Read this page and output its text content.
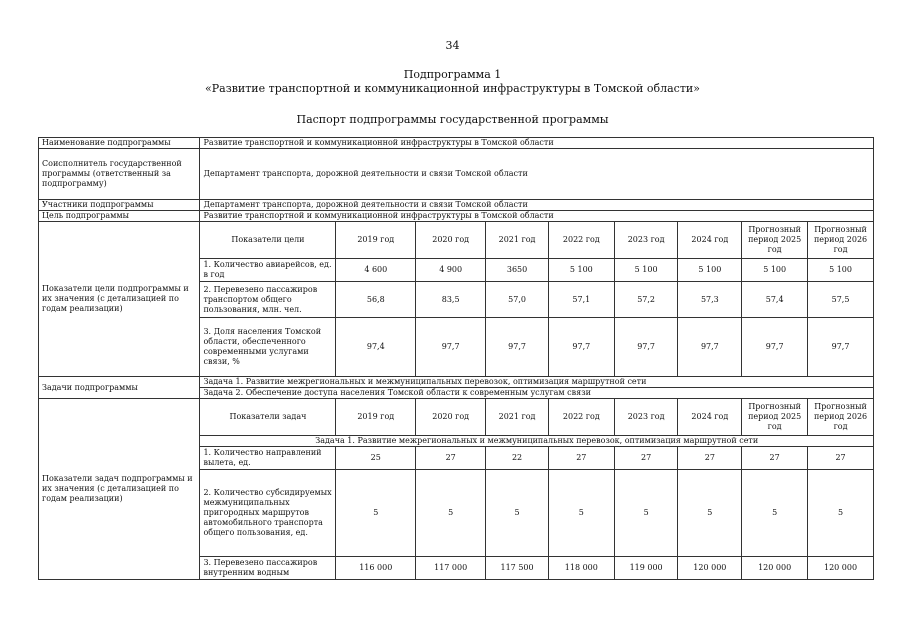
34
Подпрограмма 1
«Развитие транспортной и коммуникационной инфраструктуры в Томской области»
Паспорт подпрограммы государственной программы
Наименование подпрограммы	Развитие транспортной и коммуникационной инфраструктуры в Томской области								
Соисполнитель государственной программы (ответственный за подпрограмму)	Департамент транспорта, дорожной деятельности и связи Томской области								
Участники подпрограммы	Департамент транспорта, дорожной деятельности и связи Томской области								
Цель подпрограммы	Развитие транспортной и коммуникационной инфраструктуры в Томской области								
Показатели цели подпрограммы и их значения (с детализацией по годам реализации)	Показатели цели	2019 год	2020 год	2021 год	2022 год	2023 год	2024 год	Прогнозный период 2025 год	Прогнозный период 2026 год
	1. Количество авиарейсов, ед. в год	4 600	4 900	3650	5 100	5 100	5 100	5 100	5 100
	2. Перевезено пассажиров транспортом общего пользования, млн. чел.	56,8	83,5	57,0	57,1	57,2	57,3	57,4	57,5
	3. Доля населения Томской области, обеспеченного современными услугами связи, %	97,4	97,7	97,7	97,7	97,7	97,7	97,7	97,7
Задачи подпрограммы	Задача 1. Развитие межрегиональных и межмуниципальных перевозок, оптимизация маршрутной сети								
	Задача 2. Обеспечение доступа населения Томской области к современным услугам связи								
Показатели задач подпрограммы и их значения (с детализацией по годам реализации)	Показатели задач	2019 год	2020 год	2021 год	2022 год	2023 год	2024 год	Прогнозный период 2025 год	Прогнозный период 2026 год
	Задача 1. Развитие межрегиональных и межмуниципальных перевозок, оптимизация маршрутной сети								
	1. Количество направлений вылета, ед.	25	27	22	27	27	27	27	27
	2. Количество субсидируемых межмуниципальных пригородных маршрутов автомобильного транспорта общего пользования, ед.	5	5	5	5	5	5	5	5
	3. Перевезено пассажиров внутренним водным	116 000	117 000	117 500	118 000	119 000	120 000	120 000	120 000
